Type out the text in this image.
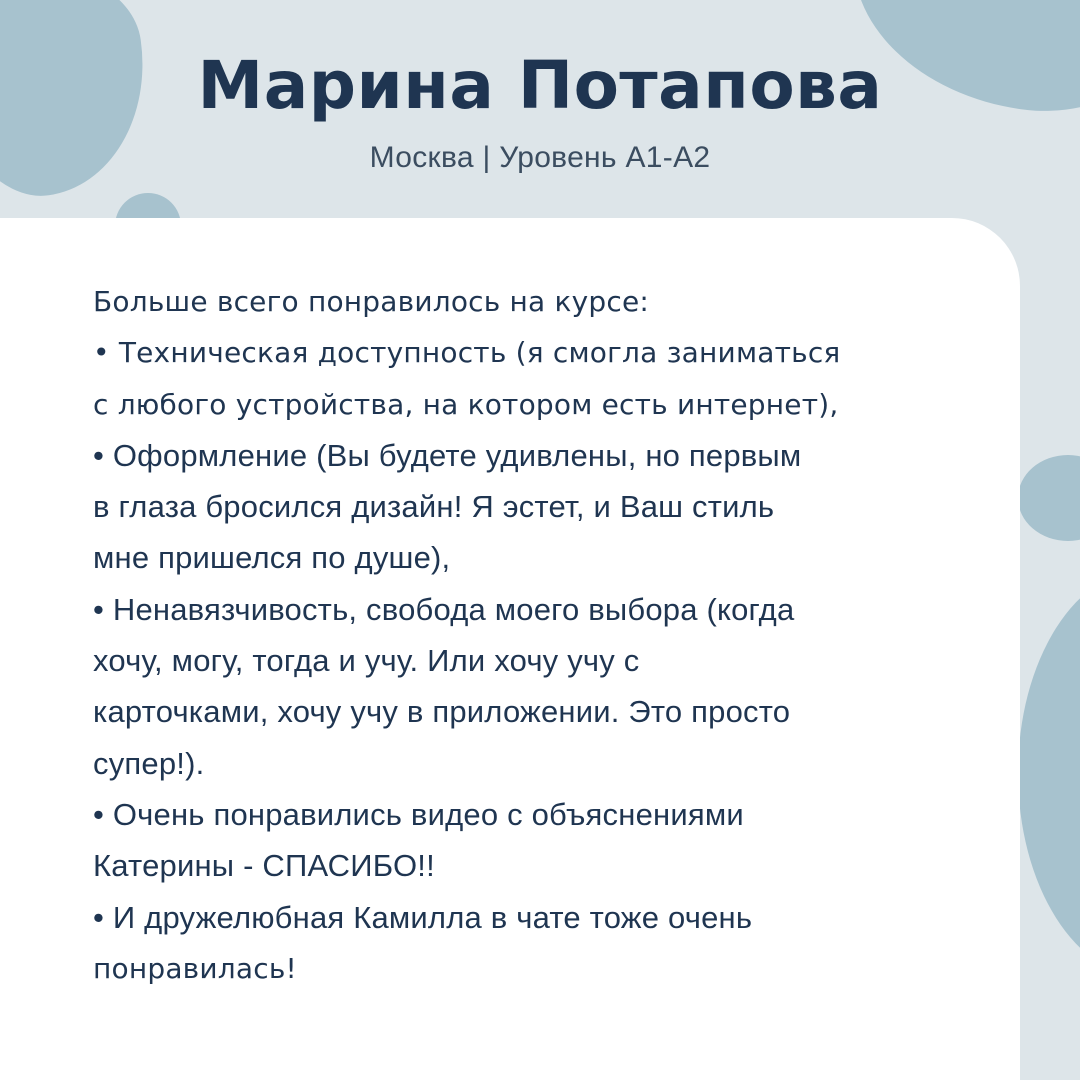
Марина Потапова
Москва | Уровень A1-A2
Больше всего понравилось на курсе:
• Техническая доступность (я смогла заниматься
с любого устройства, на котором есть интернет),
• Оформление (Вы будете удивлены, но первым
в глаза бросился дизайн! Я эстет, и Ваш стиль
мне пришелся по душе),
• Ненавязчивость, свобода моего выбора (когда
хочу, могу, тогда и учу. Или хочу учу с
карточками, хочу учу в приложении. Это просто
супер!).
• Очень понравились видео с объяснениями
Катерины - СПАСИБО!!
• И дружелюбная Камилла в чате тоже очень
понравилась!
